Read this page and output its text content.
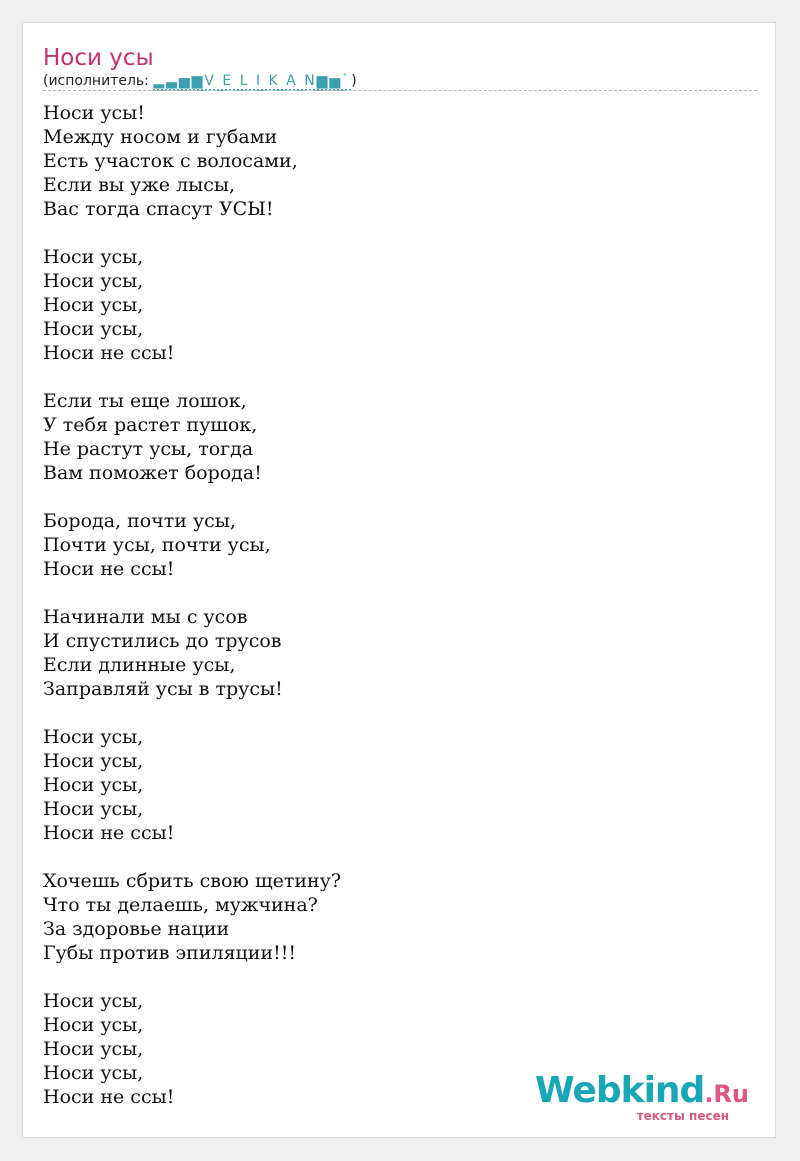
Носи усы
(исполнитель: ▂▃▅▆V E L I K A N▆▅`)
Носи усы!
Между носом и губами
Есть участок с волосами,
Если вы уже лысы,
Вас тогда спасут УСЫ!
Носи усы,
Носи усы,
Носи усы,
Носи усы,
Носи не ссы!
Если ты еще лошок,
У тебя растет пушок,
Не растут усы, тогда
Вам поможет борода!
Борода, почти усы,
Почти усы, почти усы,
Носи не ссы!
Начинали мы с усов
И спустились до трусов
Если длинные усы,
Заправляй усы в трусы!
Носи усы,
Носи усы,
Носи усы,
Носи усы,
Носи не ссы!
Хочешь сбрить свою щетину?
Что ты делаешь, мужчина?
За здоровье нации
Губы против эпиляции!!!
Носи усы,
Носи усы,
Носи усы,
Носи усы,
Носи не ссы!	Webkind.Ru
тексты песен
